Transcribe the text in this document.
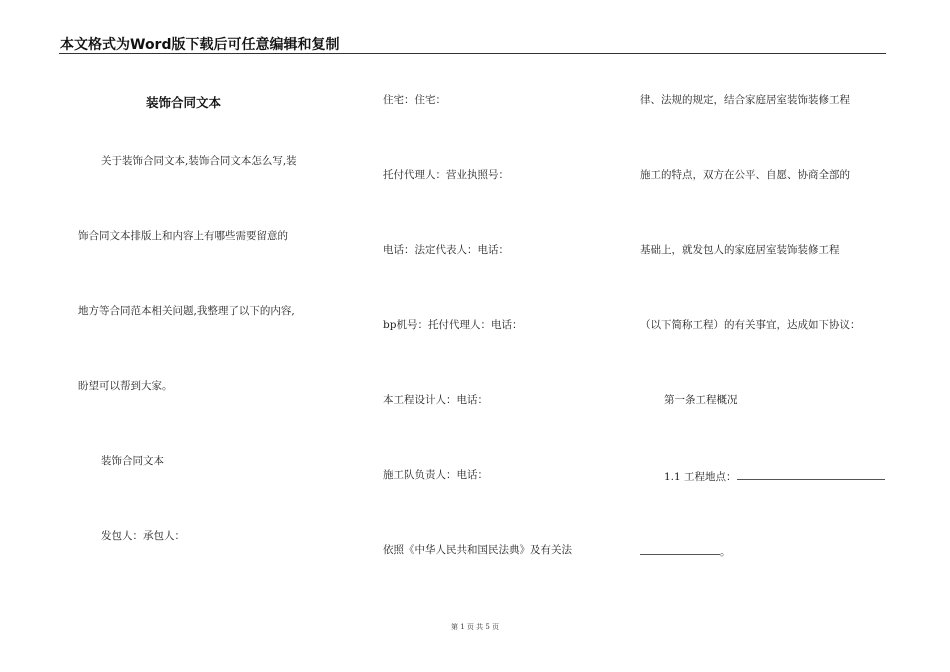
本文格式为Word版下载后可任意编辑和复制
装饰合同文本
关于装饰合同文本,装饰合同文本怎么写,装
饰合同文本排版上和内容上有哪些需要留意的
地方等合同范本相关问题,我整理了以下的内容,
盼望可以帮到大家。
装饰合同文本
发包人：承包人：
住宅：住宅：
托付代理人：营业执照号：
电话：法定代表人：电话：
bp机号：托付代理人：电话：
本工程设计人：电话：
施工队负责人：电话：
依照《中华人民共和国民法典》及有关法
律、法规的规定，结合家庭居室装饰装修工程
施工的特点，双方在公平、自愿、协商全部的
基础上，就发包人的家庭居室装饰装修工程
（以下简称工程）的有关事宜，达成如下协议：
第一条工程概况
1.1 工程地点：
。
第 1 页 共 5 页
